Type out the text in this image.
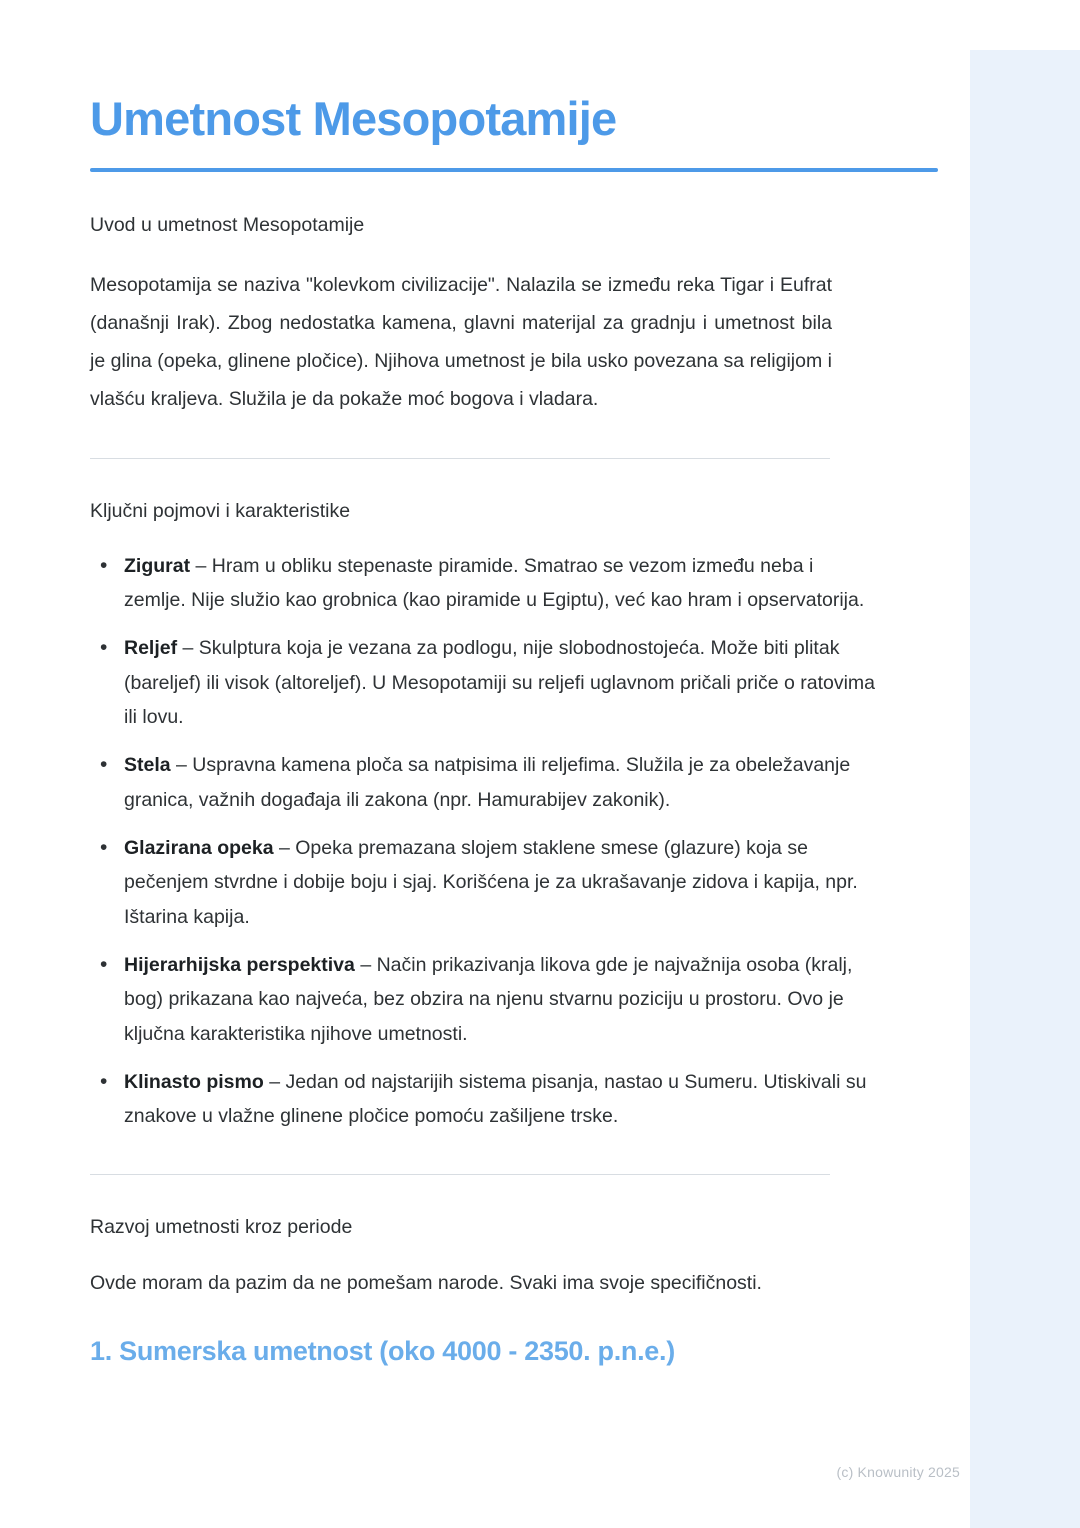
Umetnost Mesopotamije
Uvod u umetnost Mesopotamije

Mesopotamija se naziva "kolevkom civilizacije". Nalazila se između reka Tigar i Eufrat (današnji Irak). Zbog nedostatka kamena, glavni materijal za gradnju i umetnost bila je glina (opeka, glinene pločice). Njihova umetnost je bila usko povezana sa religijom i vlašću kraljeva. Služila je da pokaže moć bogova i vladara.

Ključni pojmovi i karakteristike
• Zigurat – Hram u obliku stepenaste piramide. Smatrao se vezom između neba i zemlje. Nije služio kao grobnica (kao piramide u Egiptu), već kao hram i opservatorija.
• Reljef – Skulptura koja je vezana za podlogu, nije slobodnostojeća. Može biti plitak (bareljef) ili visok (altoreljef). U Mesopotamiji su reljefi uglavnom pričali priče o ratovima ili lovu.
• Stela – Uspravna kamena ploča sa natpisima ili reljefima. Služila je za obeležavanje granica, važnih događaja ili zakona (npr. Hamurabijev zakonik).
• Glazirana opeka – Opeka premazana slojem staklene smese (glazure) koja se pečenjem stvrdne i dobije boju i sjaj. Korišćena je za ukrašavanje zidova i kapija, npr. Ištarina kapija.
• Hijerarhijska perspektiva – Način prikazivanja likova gde je najvažnija osoba (kralj, bog) prikazana kao najveća, bez obzira na njenu stvarnu poziciju u prostoru. Ovo je ključna karakteristika njihove umetnosti.
• Klinasto pismo – Jedan od najstarijih sistema pisanja, nastao u Sumeru. Utiskivali su znakove u vlažne glinene pločice pomoću zašiljene trske.
Razvoj umetnosti kroz periode

Ovde moram da pazim da ne pomešam narode. Svaki ima svoje specifičnosti.

1. Sumerska umetnost (oko 4000 - 2350. p.n.e.)
(c) Knowunity 2025
